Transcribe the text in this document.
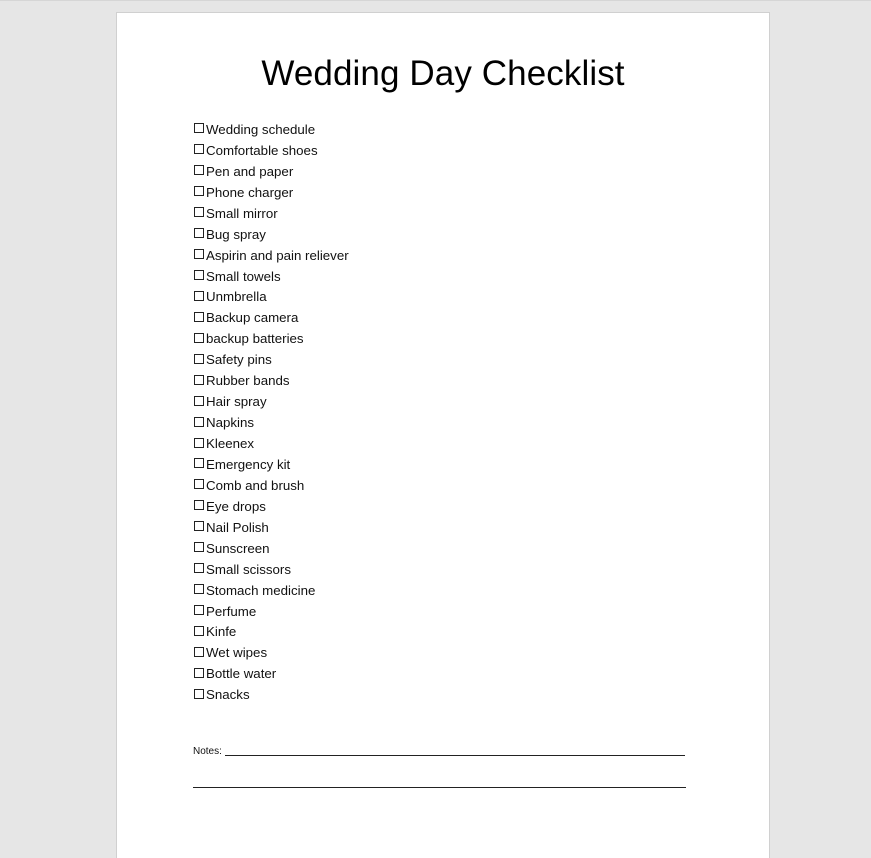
Wedding Day Checklist
Wedding schedule
Comfortable shoes
Pen and paper
Phone charger
Small mirror
Bug spray
Aspirin and pain reliever
Small towels
Unmbrella
Backup camera
backup batteries
Safety pins
Rubber bands
Hair spray
Napkins
Kleenex
Emergency kit
Comb and brush
Eye drops
Nail Polish
Sunscreen
Small scissors
Stomach medicine
Perfume
Kinfe
Wet wipes
Bottle water
Snacks
Notes:
